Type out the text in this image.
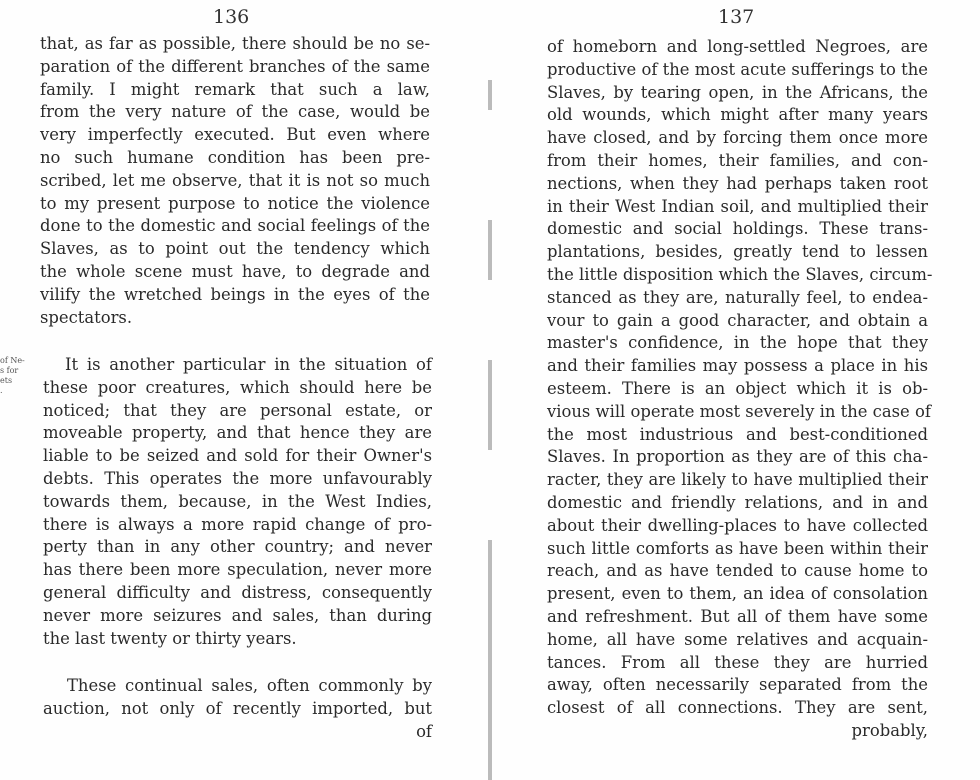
136
that, as far as possible, there should be no se-
paration of the different branches of the same
family. I might remark that such a law,
from the very nature of the case, would be
very imperfectly executed. But even where
no such humane condition has been pre-
scribed, let me observe, that it is not so much
to my present purpose to notice the violence
done to the domestic and social feelings of the
Slaves, as to point out the tendency which
the whole scene must have, to degrade and
vilify the wretched beings in the eyes of the
spectators.
of Ne-
s for
ets
.
It is another particular in the situation of
these poor creatures, which should here be
noticed; that they are personal estate, or
moveable property, and that hence they are
liable to be seized and sold for their Owner's
debts. This operates the more unfavourably
towards them, because, in the West Indies,
there is always a more rapid change of pro-
perty than in any other country; and never
has there been more speculation, never more
general difficulty and distress, consequently
never more seizures and sales, than during
the last twenty or thirty years.
These continual sales, often commonly by
auction, not only of recently imported, but
of
137
of homeborn and long-settled Negroes, are
productive of the most acute sufferings to the
Slaves, by tearing open, in the Africans, the
old wounds, which might after many years
have closed, and by forcing them once more
from their homes, their families, and con-
nections, when they had perhaps taken root
in their West Indian soil, and multiplied their
domestic and social holdings. These trans-
plantations, besides, greatly tend to lessen
the little disposition which the Slaves, circum-
stanced as they are, naturally feel, to endea-
vour to gain a good character, and obtain a
master's confidence, in the hope that they
and their families may possess a place in his
esteem. There is an object which it is ob-
vious will operate most severely in the case of
the most industrious and best-conditioned
Slaves. In proportion as they are of this cha-
racter, they are likely to have multiplied their
domestic and friendly relations, and in and
about their dwelling-places to have collected
such little comforts as have been within their
reach, and as have tended to cause home to
present, even to them, an idea of consolation
and refreshment. But all of them have some
home, all have some relatives and acquain-
tances. From all these they are hurried
away, often necessarily separated from the
closest of all connections. They are sent,
probably,
